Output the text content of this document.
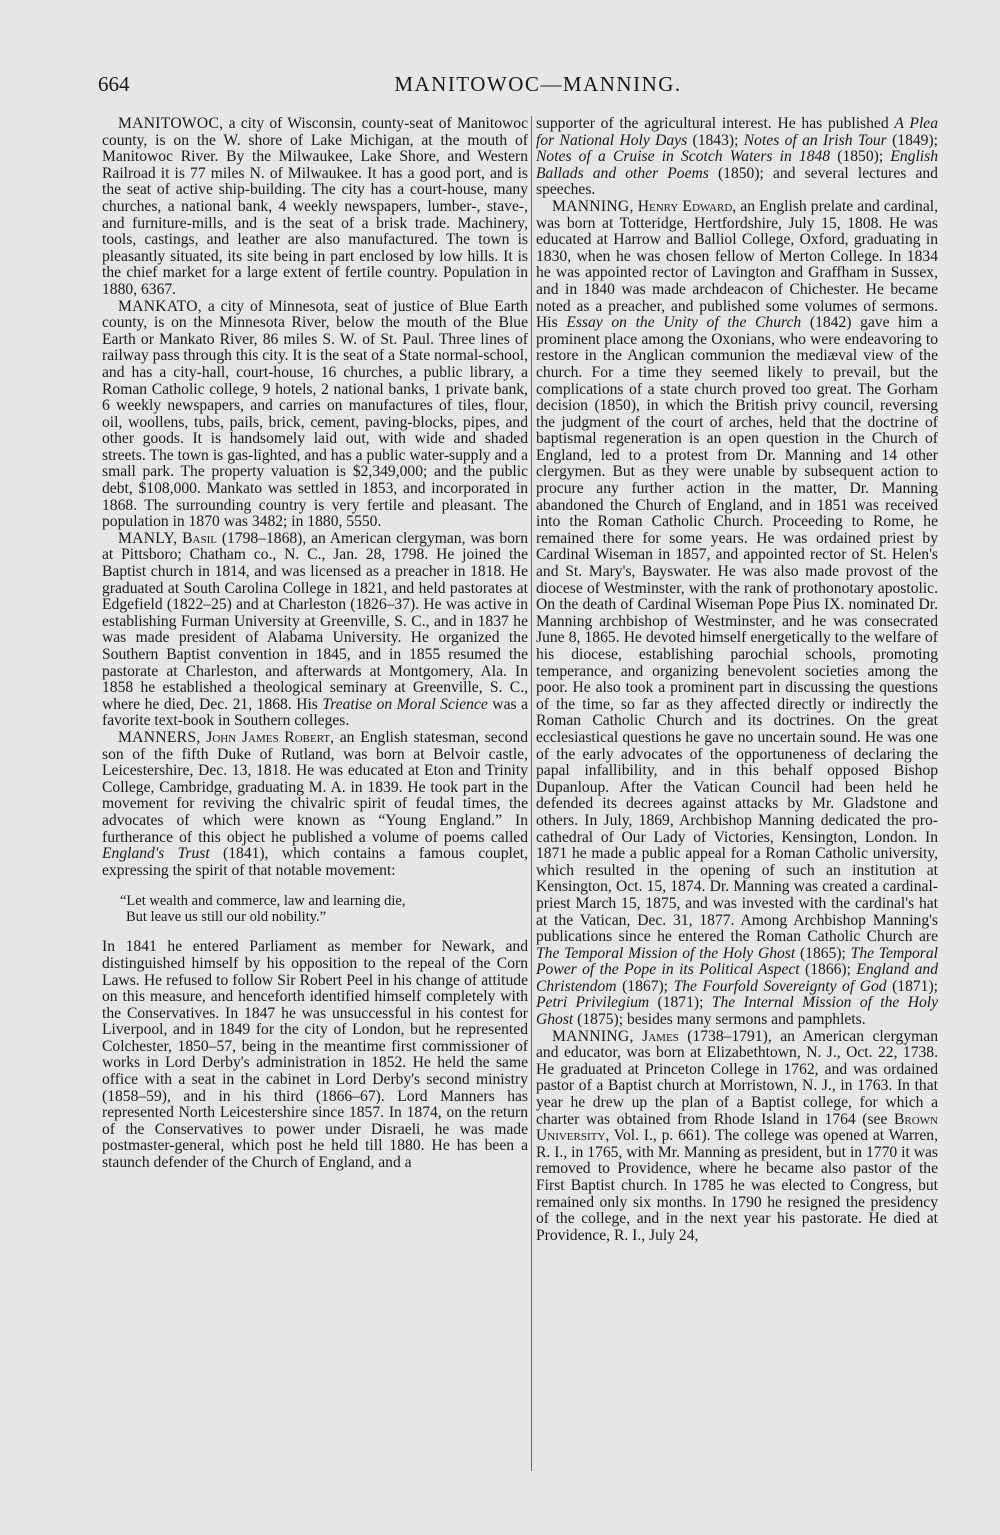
664	MANITOWOC—MANNING.

MANITOWOC, a city of Wisconsin, county-seat of Manitowoc county, is on the W. shore of Lake Michigan, at the mouth of Manitowoc River. By the Milwaukee, Lake Shore, and Western Railroad it is 77 miles N. of Milwaukee. It has a good port, and is the seat of active ship-building. The city has a court-house, many churches, a national bank, 4 weekly newspapers, lumber-, stave-, and furniture-mills, and is the seat of a brisk trade. Machinery, tools, castings, and leather are also manufactured. The town is pleasantly situated, its site being in part enclosed by low hills. It is the chief market for a large extent of fertile country. Population in 1880, 6367.

MANKATO, a city of Minnesota, seat of justice of Blue Earth county, is on the Minnesota River, below the mouth of the Blue Earth or Mankato River, 86 miles S. W. of St. Paul. Three lines of railway pass through this city. It is the seat of a State normal-school, and has a city-hall, court-house, 16 churches, a public library, a Roman Catholic college, 9 hotels, 2 national banks, 1 private bank, 6 weekly newspapers, and carries on manufactures of tiles, flour, oil, woollens, tubs, pails, brick, cement, paving-blocks, pipes, and other goods. It is handsomely laid out, with wide and shaded streets. The town is gas-lighted, and has a public water-supply and a small park. The property valuation is $2,349,000; and the public debt, $108,000. Mankato was settled in 1853, and incorporated in 1868. The surrounding country is very fertile and pleasant. The population in 1870 was 3482; in 1880, 5550.

MANLY, Basil (1798–1868), an American clergyman, was born at Pittsboro; Chatham co., N. C., Jan. 28, 1798. He joined the Baptist church in 1814, and was licensed as a preacher in 1818. He graduated at South Carolina College in 1821, and held pastorates at Edgefield (1822–25) and at Charleston (1826–37). He was active in establishing Furman University at Greenville, S. C., and in 1837 he was made president of Alabama University. He organized the Southern Baptist convention in 1845, and in 1855 resumed the pastorate at Charleston, and afterwards at Montgomery, Ala. In 1858 he established a theological seminary at Greenville, S. C., where he died, Dec. 21, 1868. His Treatise on Moral Science was a favorite text-book in Southern colleges.

MANNERS, John James Robert, an English statesman, second son of the fifth Duke of Rutland, was born at Belvoir castle, Leicestershire, Dec. 13, 1818. He was educated at Eton and Trinity College, Cambridge, graduating M. A. in 1839. He took part in the movement for reviving the chivalric spirit of feudal times, the advocates of which were known as “Young England.” In furtherance of this object he published a volume of poems called England's Trust (1841), which contains a famous couplet, expressing the spirit of that notable movement:

“Let wealth and commerce, law and learning die,
But leave us still our old nobility.”

In 1841 he entered Parliament as member for Newark, and distinguished himself by his opposition to the repeal of the Corn Laws. He refused to follow Sir Robert Peel in his change of attitude on this measure, and henceforth identified himself completely with the Conservatives. In 1847 he was unsuccessful in his contest for Liverpool, and in 1849 for the city of London, but he represented Colchester, 1850–57, being in the meantime first commissioner of works in Lord Derby's administration in 1852. He held the same office with a seat in the cabinet in Lord Derby's second ministry (1858–59), and in his third (1866–67). Lord Manners has represented North Leicestershire since 1857. In 1874, on the return of the Conservatives to power under Disraeli, he was made postmaster-general, which post he held till 1880. He has been a staunch defender of the Church of England, and a

supporter of the agricultural interest. He has published A Plea for National Holy Days (1843); Notes of an Irish Tour (1849); Notes of a Cruise in Scotch Waters in 1848 (1850); English Ballads and other Poems (1850); and several lectures and speeches.

MANNING, Henry Edward, an English prelate and cardinal, was born at Totteridge, Hertfordshire, July 15, 1808. He was educated at Harrow and Balliol College, Oxford, graduating in 1830, when he was chosen fellow of Merton College. In 1834 he was appointed rector of Lavington and Graffham in Sussex, and in 1840 was made archdeacon of Chichester. He became noted as a preacher, and published some volumes of sermons. His Essay on the Unity of the Church (1842) gave him a prominent place among the Oxonians, who were endeavoring to restore in the Anglican communion the mediæval view of the church. For a time they seemed likely to prevail, but the complications of a state church proved too great. The Gorham decision (1850), in which the British privy council, reversing the judgment of the court of arches, held that the doctrine of baptismal regeneration is an open question in the Church of England, led to a protest from Dr. Manning and 14 other clergymen. But as they were unable by subsequent action to procure any further action in the matter, Dr. Manning abandoned the Church of England, and in 1851 was received into the Roman Catholic Church. Proceeding to Rome, he remained there for some years. He was ordained priest by Cardinal Wiseman in 1857, and appointed rector of St. Helen's and St. Mary's, Bayswater. He was also made provost of the diocese of Westminster, with the rank of prothonotary apostolic. On the death of Cardinal Wiseman Pope Pius IX. nominated Dr. Manning archbishop of Westminster, and he was consecrated June 8, 1865. He devoted himself energetically to the welfare of his diocese, establishing parochial schools, promoting temperance, and organizing benevolent societies among the poor. He also took a prominent part in discussing the questions of the time, so far as they affected directly or indirectly the Roman Catholic Church and its doctrines. On the great ecclesiastical questions he gave no uncertain sound. He was one of the early advocates of the opportuneness of declaring the papal infallibility, and in this behalf opposed Bishop Dupanloup. After the Vatican Council had been held he defended its decrees against attacks by Mr. Gladstone and others. In July, 1869, Archbishop Manning dedicated the pro-cathedral of Our Lady of Victories, Kensington, London. In 1871 he made a public appeal for a Roman Catholic university, which resulted in the opening of such an institution at Kensington, Oct. 15, 1874. Dr. Manning was created a cardinal-priest March 15, 1875, and was invested with the cardinal's hat at the Vatican, Dec. 31, 1877. Among Archbishop Manning's publications since he entered the Roman Catholic Church are The Temporal Mission of the Holy Ghost (1865); The Temporal Power of the Pope in its Political Aspect (1866); England and Christendom (1867); The Fourfold Sovereignty of God (1871); Petri Privilegium (1871); The Internal Mission of the Holy Ghost (1875); besides many sermons and pamphlets.

MANNING, James (1738–1791), an American clergyman and educator, was born at Elizabethtown, N. J., Oct. 22, 1738. He graduated at Princeton College in 1762, and was ordained pastor of a Baptist church at Morristown, N. J., in 1763. In that year he drew up the plan of a Baptist college, for which a charter was obtained from Rhode Island in 1764 (see Brown University, Vol. I., p. 661). The college was opened at Warren, R. I., in 1765, with Mr. Manning as president, but in 1770 it was removed to Providence, where he became also pastor of the First Baptist church. In 1785 he was elected to Congress, but remained only six months. In 1790 he resigned the presidency of the college, and in the next year his pastorate. He died at Providence, R. I., July 24,
